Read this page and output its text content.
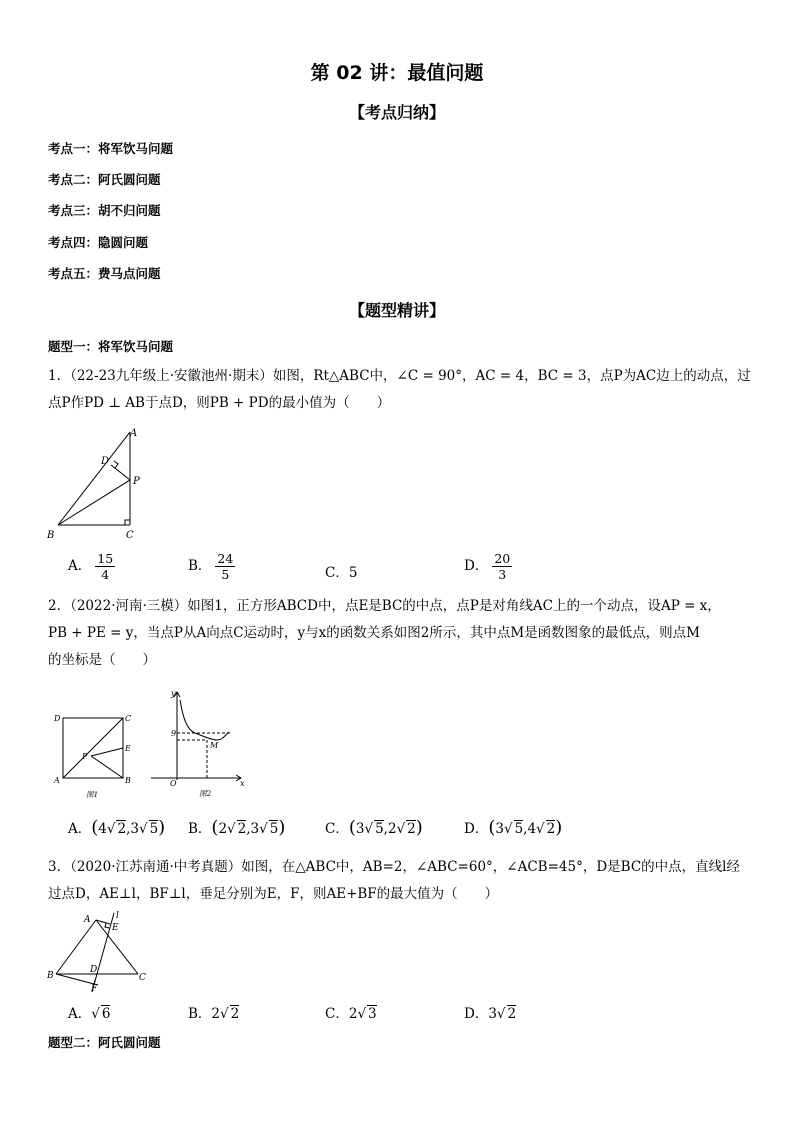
第 02 讲：最值问题
【考点归纳】
考点一：将军饮马问题
考点二：阿氏圆问题
考点三：胡不归问题
考点四：隐圆问题
考点五：费马点问题
【题型精讲】
题型一：将军饮马问题
1．（22-23九年级上·安徽池州·期末）如图，Rt△ABC中，∠C = 90°，AC = 4，BC = 3，点P为AC边上的动点，过
点P作PD ⊥ AB于点D，则PB + PD的最小值为（　　）
A
D
P
B	C
A． $\frac{15}{4}$	B． $\frac{24}{5}$	C．5	D． $\frac{20}{3}$
2．（2022·河南·三模）如图1，正方形ABCD中，点E是BC的中点，点P是对角线AC上的一个动点，设AP = x，
PB + PE = y，当点P从A向点C运动时，y与x的函数关系如图2所示，其中点M是函数图象的最低点，则点M
的坐标是（　　）
D	C
E
P
A	B
图1
y
x
O
9
M
图2
A．(4√ 2,3√ 5) B．(2√ 2,3√ 5)	C．(3√ 5,2√ 2)	D．(3√ 5,4√ 2)
3．（2020·江苏南通·中考真题）如图，在△ABC中，AB=2，∠ABC=60°，∠ACB=45°，D是BC的中点，直线l经
过点D，AE⊥l，BF⊥l，垂足分别为E，F，则AE+BF的最大值为（　　）
A
E
l
B
D
C
F
A．√ 6	B．2√ 2	C．2√ 3	D．3√ 2
题型二：阿氏圆问题
